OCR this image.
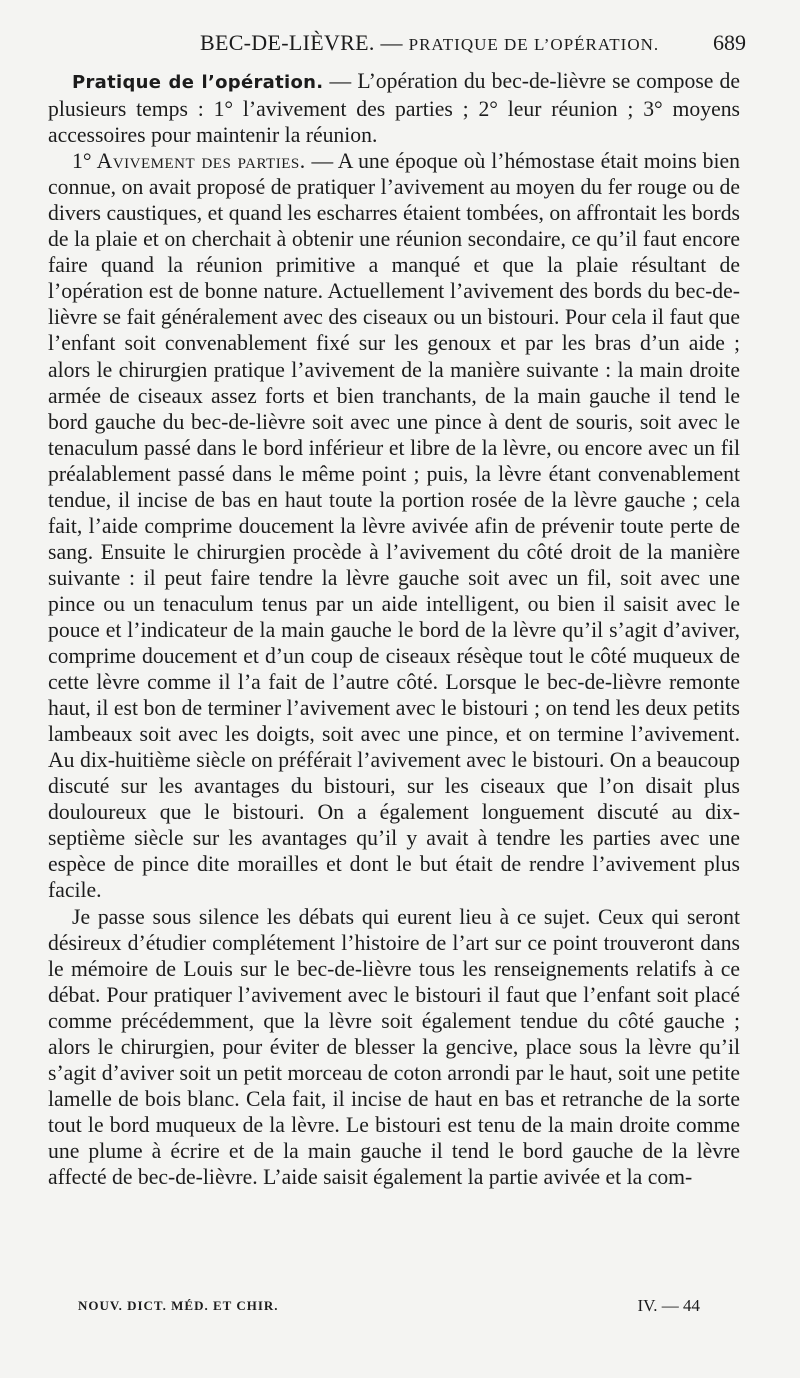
BEC-DE-LIÈVRE. — PRATIQUE DE L’OPÉRATION. 689

Pratique de l’opération. — L’opération du bec-de-lièvre se compose de plusieurs temps : 1° l’avivement des parties ; 2° leur réunion ; 3° moyens accessoires pour maintenir la réunion.

1° Avivement des parties. — A une époque où l’hémostase était moins bien connue, on avait proposé de pratiquer l’avivement au moyen du fer rouge ou de divers caustiques, et quand les escharres étaient tombées, on affrontait les bords de la plaie et on cherchait à obtenir une réunion secondaire, ce qu’il faut encore faire quand la réunion primitive a manqué et que la plaie résultant de l’opération est de bonne nature. Actuellement l’avivement des bords du bec-de-lièvre se fait généralement avec des ciseaux ou un bistouri. Pour cela il faut que l’enfant soit convenablement fixé sur les genoux et par les bras d’un aide ; alors le chirurgien pratique l’avivement de la manière suivante : la main droite armée de ciseaux assez forts et bien tranchants, de la main gauche il tend le bord gauche du bec-de-lièvre soit avec une pince à dent de souris, soit avec le tenaculum passé dans le bord inférieur et libre de la lèvre, ou encore avec un fil préalablement passé dans le même point ; puis, la lèvre étant convenablement tendue, il incise de bas en haut toute la portion rosée de la lèvre gauche ; cela fait, l’aide comprime doucement la lèvre avivée afin de prévenir toute perte de sang. Ensuite le chirurgien procède à l’avivement du côté droit de la manière suivante : il peut faire tendre la lèvre gauche soit avec un fil, soit avec une pince ou un tenaculum tenus par un aide intelligent, ou bien il saisit avec le pouce et l’indicateur de la main gauche le bord de la lèvre qu’il s’agit d’aviver, comprime doucement et d’un coup de ciseaux résèque tout le côté muqueux de cette lèvre comme il l’a fait de l’autre côté. Lorsque le bec-de-lièvre remonte haut, il est bon de terminer l’avivement avec le bistouri ; on tend les deux petits lambeaux soit avec les doigts, soit avec une pince, et on termine l’avivement. Au dix-huitième siècle on préférait l’avivement avec le bistouri. On a beaucoup discuté sur les avantages du bistouri, sur les ciseaux que l’on disait plus douloureux que le bistouri. On a également longuement discuté au dix-septième siècle sur les avantages qu’il y avait à tendre les parties avec une espèce de pince dite morailles et dont le but était de rendre l’avivement plus facile.

Je passe sous silence les débats qui eurent lieu à ce sujet. Ceux qui seront désireux d’étudier complétement l’histoire de l’art sur ce point trouveront dans le mémoire de Louis sur le bec-de-lièvre tous les renseignements relatifs à ce débat. Pour pratiquer l’avivement avec le bistouri il faut que l’enfant soit placé comme précédemment, que la lèvre soit également tendue du côté gauche ; alors le chirurgien, pour éviter de blesser la gencive, place sous la lèvre qu’il s’agit d’aviver soit un petit morceau de coton arrondi par le haut, soit une petite lamelle de bois blanc. Cela fait, il incise de haut en bas et retranche de la sorte tout le bord muqueux de la lèvre. Le bistouri est tenu de la main droite comme une plume à écrire et de la main gauche il tend le bord gauche de la lèvre affecté de bec-de-lièvre. L’aide saisit également la partie avivée et la com-

NOUV. DICT. MÉD. ET CHIR.	IV. — 44
